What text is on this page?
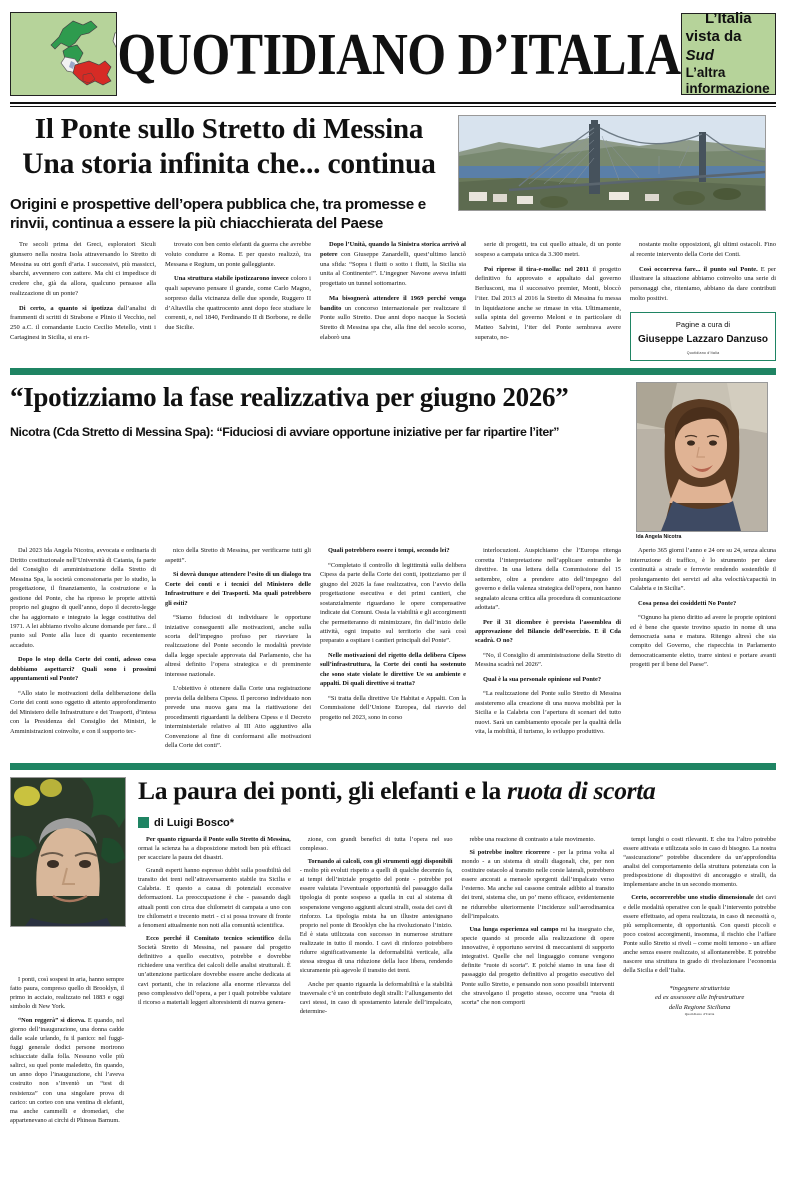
QUOTIDIANO D’ITALIA
L’Italia
vista da Sud
L’altra informazione
Il Ponte sullo Stretto di Messina
Una storia infinita che... continua
Origini e prospettive dell’opera pubblica che, tra promesse e rinvii, continua a essere la più chiacchierata del Paese

Tre secoli prima dei Greci, esploratori Siculi giunsero nella nostra Isola attraversando lo Stretto di Messina su otri gonfi d’aria. I successivi, più massicci, sbarchi, avvennero con zattere. Ma chi ci impedisce di credere che, già da allora, qualcuno pensasse alla realizzazione di un ponte?

Di certo, a quanto si ipotizza dall’analisi di frammenti di scritti di Strabone e Plinio il Vecchio, nel 250 a.C. il comandante Lucio Cecilio Metello, vinti i Cartaginesi in Sicilia, si era ri-

trovato con ben cento elefanti da guerra che avrebbe voluto condurre a Roma. E per questo realizzò, tra Messana e Regium, un ponte galleggiante.

Una struttura stabile ipotizzarono invece coloro i quali sapevano pensare il grande, come Carlo Magno, sorpreso dalla vicinanza delle due sponde, Ruggero II d’Altavilla che quattrocento anni dopo fece studiare le correnti, e, nel 1840, Ferdinando II di Borbone, re delle due Sicilie.

Dopo l’Unità, quando la Sinistra storica arrivò al potere con Giuseppe Zanardelli, quest’ultimo lanciò una sfida: “Sopra i flutti o sotto i flutti, la Sicilia sia unita al Continente!”. L’ingegner Navone aveva infatti progettato un tunnel sottomarino.

Ma bisognerà attendere il 1969 perché venga bandito un concorso internazionale per realizzare il Ponte sullo Stretto. Due anni dopo nacque la Società Stretto di Messina spa che, alla fine del secolo scorso, elaborò una

serie di progetti, tra cui quello attuale, di un ponte sospeso a campata unica da 3.300 metri.

Poi riprese il tira-e-molla: nel 2011 il progetto definitivo fu approvato e appaltato dal governo Berlusconi, ma il successivo premier, Monti, bloccò l’iter. Dal 2013 al 2016 la Stretto di Messina fu messa in liquidazione anche se rimase in vita. Ultimamente, sulla spinta del governo Meloni e in particolare di Matteo Salvini, l’iter del Ponte sembrava avere superato, no-

nostante molte opposizioni, gli ultimi ostacoli. Fino al recente intervento della Corte dei Conti.

Così occorreva fare... il punto sul Ponte. E per illustrare la situazione abbiamo coinvolto una serie di personaggi che, riteniamo, abbiano da dare contributi molto positivi.

Pagine a cura di
Giuseppe Lazzaro Danzuso
Quotidiano d’Italia
“Ipotizziamo la fase realizzativa per giugno 2026”
Nicotra (Cda Stretto di Messina Spa): “Fiduciosi di avviare opportune iniziative per far ripartire l’iter”
Ida Angela Nicotra

Dal 2023 Ida Angela Nicotra, avvocata e ordinaria di Diritto costituzionale nell’Università di Catania, fa parte del Consiglio di amministrazione della Stretto di Messina Spa, la società concessionaria per lo studio, la progettazione, il finanziamento, la costruzione e la gestione del Ponte, che ha ripreso le proprie attività proprio nel giugno di quell’anno, dopo il decreto-legge che ha aggiornato e integrato la legge costitutiva del 1971. A lei abbiamo rivolto alcune domande per fare... il punto sul Ponte alla luce di quanto recentemente accaduto.

Dopo lo stop della Corte dei conti, adesso cosa dobbiamo aspettarci? Quali sono i prossimi appuntamenti sul Ponte?

“Allo stato le motivazioni della deliberazione della Corte dei conti sono oggetto di attento approfondimento del Ministero delle Infrastrutture e dei Trasporti, d’intesa con la Presidenza del Consiglio dei Ministri, le Amministrazioni coinvolte, e con il supporto tec-

nico della Stretto di Messina, per verificarne tutti gli aspetti”.

Si dovrà dunque attendere l’esito di un dialogo tra Corte dei conti e i tecnici del Ministero delle Infrastrutture e dei Trasporti. Ma quali potrebbero gli esiti?

“Siamo fiduciosi di individuare le opportune iniziative conseguenti alle motivazioni, anche sulla scorta dell’impegno profuso per riavviare la realizzazione del Ponte secondo le modalità previste dalla legge speciale approvata dal Parlamento, che ha altresì definito l’opera strategica e di preminente interesse nazionale.

L’obiettivo è ottenere dalla Corte una registrazione previa della delibera Cipess. Il percorso individuato non prevede una nuova gara ma la riattivazione dei procedimenti riguardanti la delibera Cipess e il Decreto interministeriale relativo al III Atto aggiuntivo alla Convenzione al fine di conformarsi alle motivazioni della Corte dei conti”.

Quali potrebbero essere i tempi, secondo lei?

“Completato il controllo di legittimità sulla delibera Cipess da parte della Corte dei conti, ipotizziamo per il giugno del 2026 la fase realizzativa, con l’avvio della progettazione esecutiva e dei primi cantieri, che sostanzialmente riguardano le opere compensative indicate dai Comuni. Ossia la viabilità e gli accorgimenti che permetteranno di minimizzare, fin dall’inizio delle attività, ogni impatto sul territorio che sarà così preparato a ospitare i cantieri principali del Ponte”.

Nelle motivazioni del rigetto della delibera Cipess sull’infrastruttura, la Corte dei conti ha sostenuto che sono state violate le direttive Ue su ambiente e appalti. Di quali direttive si tratta?

“Si tratta della direttive Ue Habitat e Appalti. Con la Commissione dell’Unione Europea, dal riavvio del progetto nel 2023, sono in corso

interlocuzioni. Auspichiamo che l’Europa ritenga corretta l’interpretazione nell’applicare entrambe le direttive. In una lettera della Commissione del 15 settembre, oltre a prendere atto dell’impegno del governo e della valenza strategica dell’opera, non hanno segnalato alcuna critica alla procedura di comunicazione adottata”.

Per il 31 dicembre è prevista l’assemblea di approvazione del Bilancio dell’esercizio. E il Cda scadrà. O no?

“No, il Consiglio di amministrazione della Stretto di Messina scadrà nel 2026”.

Qual è la sua personale opinione sul Ponte?

“La realizzazione del Ponte sullo Stretto di Messina assisteremo alla creazione di una nuova mobilità per la Sicilia e la Calabria con l’apertura di scenari del tutto nuovi. Sarà un cambiamento epocale per la qualità della vita, la mobilità, il turismo, lo sviluppo produttivo.

Aperto 365 giorni l’anno e 24 ore su 24, senza alcuna interruzione di traffico, è lo strumento per dare continuità a strade e ferrovie rendendo sostenibile il prolungamento dei servizi ad alta velocità/capacità in Calabria e in Sicilia”.

Cosa pensa dei cosiddetti No Ponte?

“Ognuno ha pieno diritto ad avere le proprie opinioni ed è bene che queste trovino spazio in nome di una democrazia sana e matura. Ritengo altresì che sia compito del Governo, che rispecchia in Parlamento democraticamente eletto, trarre sintesi e portare avanti progetti per il bene del Paese”.

La paura dei ponti, gli elefanti e la ruota di scorta
di Luigi Bosco*

Per quanto riguarda il Ponte sullo Stretto di Messina, ormai la scienza ha a disposizione metodi ben più efficaci per scacciare la paura dei disastri.

Grandi esperti hanno espresso dubbi sulla possibilità del transito dei treni nell’attraversamento stabile tra Sicilia e Calabria. E questo a causa di potenziali eccessive deformazioni. La preoccupazione è che - passando dagli attuali ponti con circa due chilometri di campata a uno con tre chilometri e trecento metri - ci si possa trovare di fronte a fenomeni attualmente non noti alla comunità scientifica.

Ecco perché il Comitato tecnico scientifico della Società Stretto di Messina, nel passare dal progetto definitivo a quello esecutivo, potrebbe e dovrebbe richiedere una verifica dei calcoli delle analisi strutturali. È un’attenzione particolare dovrebbe essere anche dedicata ai cavi portanti, che in relazione alla enorme rilevanza del peso complessivo dell’opera, a per i quali potrebbe valutare il ricorso a materiali leggeri altoresistenti di nuova genera-

zione, con grandi benefici di tutta l’opera nel suo complesso.

Tornando ai calcoli, con gli strumenti oggi disponibili - molto più evoluti rispetto a quelli di qualche decennio fa, ai tempi dell’iniziale progetto del ponte - potrebbe poi essere valutata l’eventuale opportunità del passaggio dalla tipologia di ponte sospeso a quella in cui al sistema di sospensione vengono aggiunti alcuni stralli, ossia dei cavi di rinforzo. La tipologia mista ha un illustre antesignano proprio nel ponte di Brooklyn che ha rivoluzionato l’inizio. Ed è stata utilizzata con successo in numerose strutture realizzate in tutto il mondo. I cavi di rinforzo potrebbero ridurre significativamente la deformabilità verticale, alla stessa stregua di una riduzione della luce libera, rendendo sicuramente più agevole il transito dei treni.

Anche per quanto riguarda la deformabilità e la stabilità trasversale c’è un contributo degli stralli: l’allungamento dei cavi stessi, in caso di spostamento laterale dell’impalcato, determine-

rebbe una reazione di contrasto a tale movimento.

Si potrebbe inoltre ricorrere - per la prima volta al mondo - a un sistema di stralli diagonali, che, per non costituire ostacolo al transito nelle corsie laterali, potrebbero essere ancorati a mensole sporgenti dall’impalcato verso l’esterno. Ma anche sul cassone centrale adibito al transito dei treni, sistema che, un po’ meno efficace, evidentemente ne ridurrebbe ulteriormente l’incidenze sull’aerodinamica dell’impalcato.

Una lunga esperienza sul campo mi ha insegnato che, specie quando si procede alla realizzazione di opere innovative, è opportuno servirsi di meccanismi di supporto integrativi. Quelle che nel linguaggio comune vengono definite “ruote di scorta”. E poiché siamo in una fase di passaggio dal progetto definitivo al progetto esecutivo del Ponte sullo Stretto, e pensando non sono possibili interventi che stravolgano il progetto stesso, occorre una “ruota di scorta” che non comporti

tempi lunghi o costi rilevanti. E che tra l’altro potrebbe essere attivata e utilizzata solo in caso di bisogno. La nostra “assicurazione” potrebbe discendere da un’approfondita analisi del comportamento della struttura potenziata con la predisposizione di dispositivi di ancoraggio e stralli, da implementare anche in un secondo momento.

Certo, occorrerebbe uno studio dimensionale dei cavi e delle modalità operative con le quali l’intervento potrebbe essere effettuato, ad opera realizzata, in caso di necessità o, più semplicemente, di opportunità. Con questi piccoli e poco costosi accorgimenti, insomma, il rischio che l’affare Ponte sullo Stretto si riveli – come molti temono - un affare anche senza essere realizzato, si allontanerebbe. E potrebbe nascere una struttura in grado di rivoluzionare l’economia della Sicilia e dell’Italia.

*ingegnere strutturista
ed ex assessore alle Infrastrutture
della Regione Siciliana
Quotidiano d’Italia

I ponti, così sospesi in aria, hanno sempre fatto paura, compreso quello di Brooklyn, il primo in acciaio, realizzato nel 1883 e oggi simbolo di New York.

“Non reggerà” si diceva. E quando, nel giorno dell’inaugurazione, una donna cadde dalle scale urlando, fu il panico: nel fuggi-fuggi generale dodici persone morirono schiacciate dalla folla. Nessuno volle più salirci, su quel ponte maledetto, fin quando, un anno dopo l’inaugurazione, chi l’aveva costruito non s’inventò un “test di resistenza” con una singolare prova di carico: un corteo con una ventina di elefanti, ma anche cammelli e dromedari, che appartenevano ai circhi di Phineas Barnum.
